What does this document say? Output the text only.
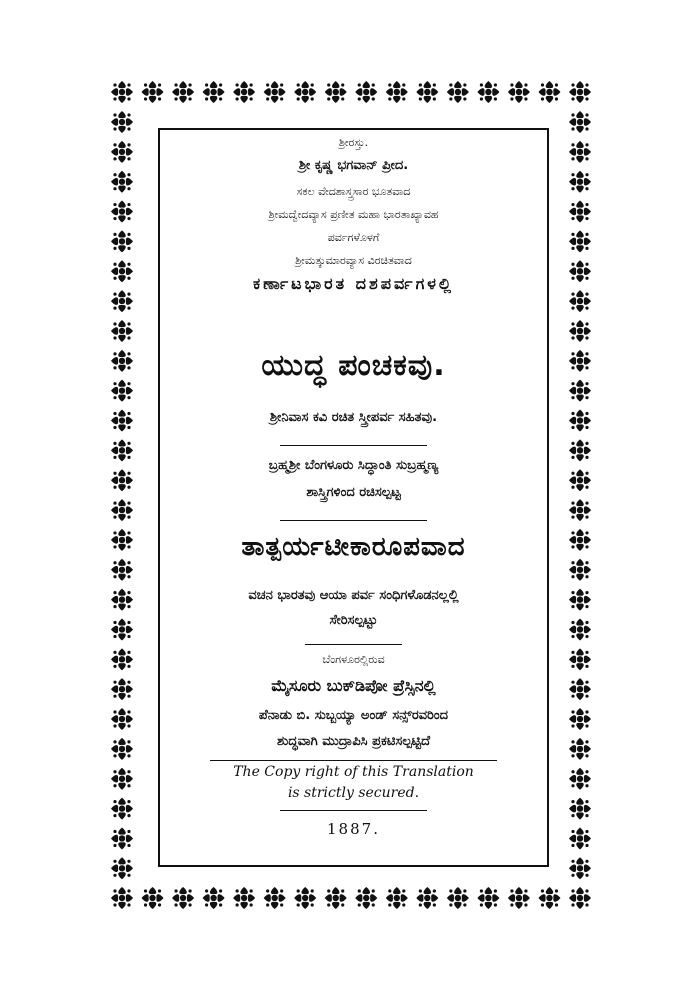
ಶ್ರೀರಸ್ತು.
ಶ್ರೀ ಕೃಷ್ಣ ಭಗವಾನ್ ಪ್ರೀದ.
ಸಕಲ ವೇದಶಾಸ್ತ್ರಸಾರ ಭೂತವಾದ
ಶ್ರೀಮದ್ವೇದವ್ಯಾಸ ಪ್ರಣೀತ ಮಹಾ ಭಾರತಾಖ್ಯಾವಹ
ಪರ್ವಗಳೊಳಗೆ
ಶ್ರೀಮತ್ಕುಮಾರವ್ಯಾಸ ವಿರಚಿತವಾದ
ಕರ್ಣಾಟಭಾರತ ದಶಪರ್ವಗಳಲ್ಲಿ
ಯುದ್ಧ ಪಂಚಕವು.
ಶ್ರೀನಿವಾಸ ಕವಿ ರಚಿತ ಸ್ತ್ರೀಪರ್ವ ಸಹಿತವು.
ಬ್ರಹ್ಮಶ್ರೀ ಬೆಂಗಳೂರು ಸಿದ್ಧಾಂತಿ ಸುಬ್ರಹ್ಮಣ್ಯ
ಶಾಸ್ತ್ರಿಗಳಿಂದ ರಚಿಸಲ್ಪಟ್ಟ
ತಾತ್ಪರ್ಯಟೀಕಾರೂಪವಾದ
ವಚನ ಭಾರತವು ಆಯಾ ಪರ್ವ ಸಂಧಿಗಳೊಡನಲ್ಲಲ್ಲಿ
ಸೇರಿಸಲ್ಪಟ್ಟು
ಬೆಂಗಳೂರಲ್ಲಿರುವ
ಮೈಸೂರು ಬುಕ್‌ಡಿಪೋ ಪ್ರೆಸ್ಸಿನಲ್ಲಿ
ಪೆನಾಡು ಬಿ. ಸುಬ್ಬಯ್ಯಾ ಅಂಡ್ ಸನ್ಸ್‌ರವರಿಂದ
ಶುದ್ಧವಾಗಿ ಮುದ್ರಾಪಿಸಿ ಪ್ರಕಟಿಸಲ್ಪಟ್ಟಿದೆ
The Copy right of this Translation
is strictly secured.
1887.
